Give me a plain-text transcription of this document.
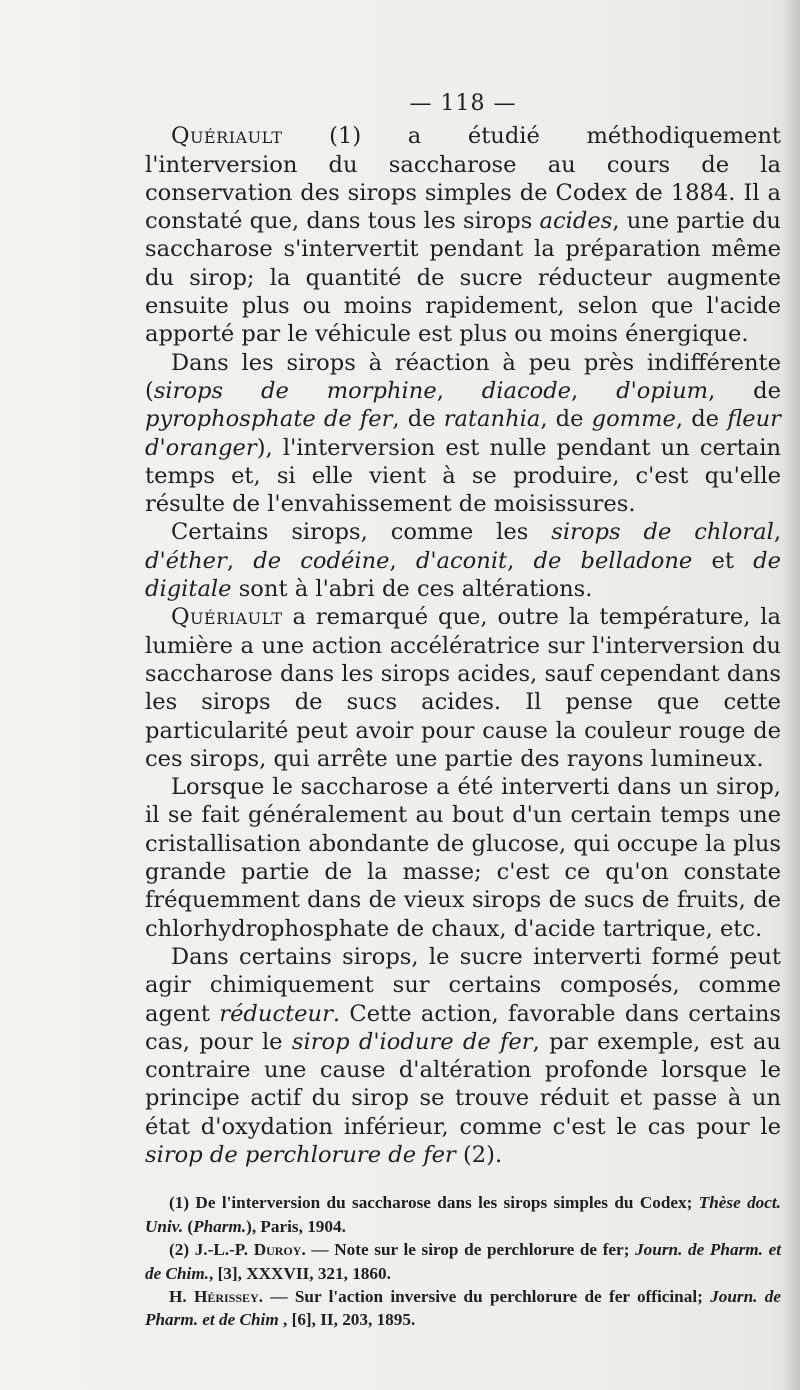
— 118 —

Quériault (1) a étudié méthodiquement l'interversion du saccharose au cours de la conservation des sirops simples de Codex de 1884. Il a constaté que, dans tous les sirops acides, une partie du saccharose s'intervertit pendant la préparation même du sirop; la quantité de sucre réducteur augmente ensuite plus ou moins rapidement, selon que l'acide apporté par le véhicule est plus ou moins énergique.

Dans les sirops à réaction à peu près indifférente (sirops de morphine, diacode, d'opium, de pyrophosphate de fer, de ratanhia, de gomme, de fleur d'oranger), l'interversion est nulle pendant un certain temps et, si elle vient à se produire, c'est qu'elle résulte de l'envahissement de moisissures.

Certains sirops, comme les sirops de chloral, d'éther, de codéine, d'aconit, de belladone et de digitale sont à l'abri de ces altérations.

Quériault a remarqué que, outre la température, la lumière a une action accélératrice sur l'interversion du saccharose dans les sirops acides, sauf cependant dans les sirops de sucs acides. Il pense que cette particularité peut avoir pour cause la couleur rouge de ces sirops, qui arrête une partie des rayons lumineux.

Lorsque le saccharose a été interverti dans un sirop, il se fait généralement au bout d'un certain temps une cristallisation abondante de glucose, qui occupe la plus grande partie de la masse; c'est ce qu'on constate fréquemment dans de vieux sirops de sucs de fruits, de chlorhydrophosphate de chaux, d'acide tartrique, etc.

Dans certains sirops, le sucre interverti formé peut agir chimiquement sur certains composés, comme agent réducteur. Cette action, favorable dans certains cas, pour le sirop d'iodure de fer, par exemple, est au contraire une cause d'altération profonde lorsque le principe actif du sirop se trouve réduit et passe à un état d'oxydation inférieur, comme c'est le cas pour le sirop de perchlorure de fer (2).

(1) De l'interversion du saccharose dans les sirops simples du Codex; Thèse doct. Univ. (Pharm.), Paris, 1904.

(2) J.-L.-P. Duroy. — Note sur le sirop de perchlorure de fer; Journ. de Pharm. et de Chim., [3], XXXVII, 321, 1860.

H. Hérissey. — Sur l'action inversive du perchlorure de fer officinal; Journ. de Pharm. et de Chim , [6], II, 203, 1895.
